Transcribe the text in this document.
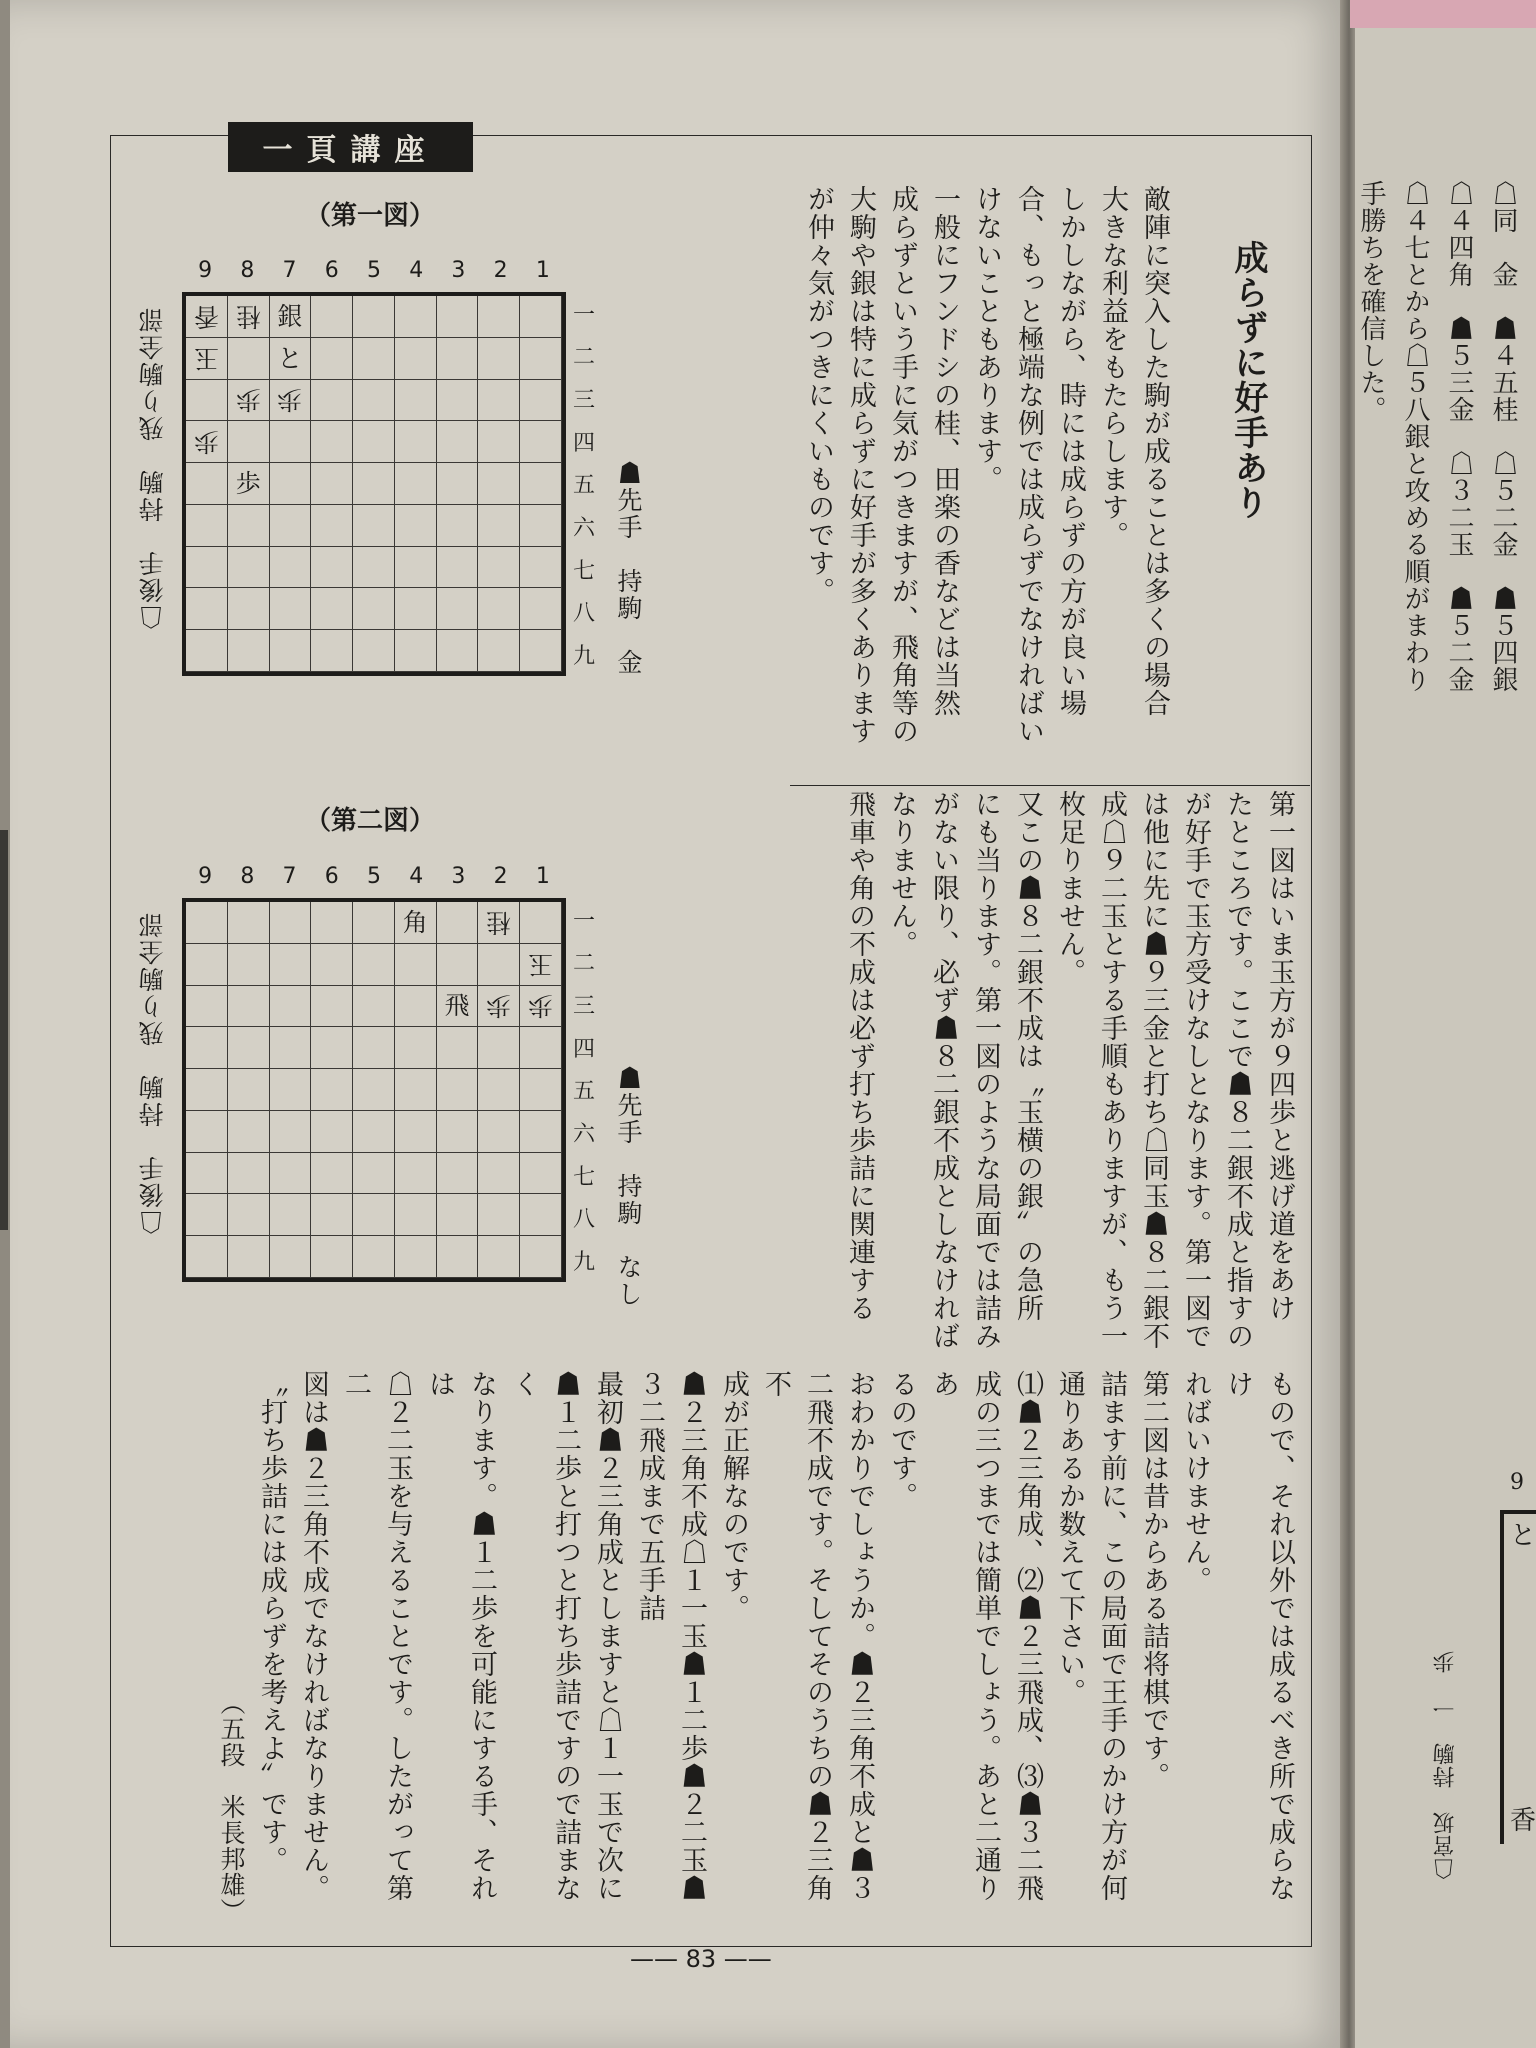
一頁講座
成らずに好手あり
敵陣に突入した駒が成ることは多くの場合
大きな利益をもたらします。
しかしながら、時には成らずの方が良い場
合、もっと極端な例では成らずでなければい
けないこともあります。
一般にフンドシの桂、田楽の香などは当然
成らずという手に気がつきますが、飛角等の
大駒や銀は特に成らずに好手が多くあります
が仲々気がつきにくいものです。
第一図はいま玉方が９四歩と逃げ道をあけ
たところです。ここで☗８二銀不成と指すの
が好手で玉方受けなしとなります。第一図で
は他に先に☗９三金と打ち☖同玉☗８二銀不
成☖９二玉とする手順もありますが、もう一
枚足りません。
又この☗８二銀不成は〝玉横の銀〟の急所
にも当ります。第一図のような局面では詰み
がない限り、必ず☗８二銀不成としなければ
なりません。
飛車や角の不成は必ず打ち歩詰に関連する
もので、それ以外では成るべき所で成らなけ
ればいけません。
第二図は昔からある詰将棋です。
詰ます前に、この局面で王手のかけ方が何
通りあるか数えて下さい。
⑴☗２三角成、⑵☗２三飛成、⑶☗３二飛
成の三つまでは簡単でしょう。あと二通りあ
るのです。
おわかりでしょうか。☗２三角不成と☗３
二飛不成です。そしてそのうちの☗２三角不
成が正解なのです。
☗２三角不成☖１一玉☗１二歩☗２二玉☗
３二飛成まで五手詰
最初☗２三角成としますと☖１一玉で次に
☗１二歩と打つと打ち歩詰ですので詰まなく
なります。☗１二歩を可能にする手、それは
☖２二玉を与えることです。したがって第二
図は☗２三角不成でなければなりません。
〝打ち歩詰には成らずを考えよ〟です。
（五段　米長邦雄）
（第一図）
9 8 7 6 5 4 3 2 1
香 桂 銀
玉 と
歩 歩
歩
歩
一
二
三
四
五
六
七
八
九 ☗先手　持駒　金
☖後手　持駒　残り駒全部
（第二図）
9 8 7 6 5 4 3 2 1
角 桂
玉
飛 歩 歩
一
二
三
四
五
六
七
八
九 ☗先手　持駒　なし
☖後手　持駒　残り駒全部
☖同　金　☗４五桂　☖５二金　☗５四銀
☖４四角　☗５三金　☖３二玉　☗５二金
☖４七とから☖５八銀と攻める順がまわり
手勝ちを確信した。
☖宮坂　持駒　一　歩
9
と
香
—— 83 ——
